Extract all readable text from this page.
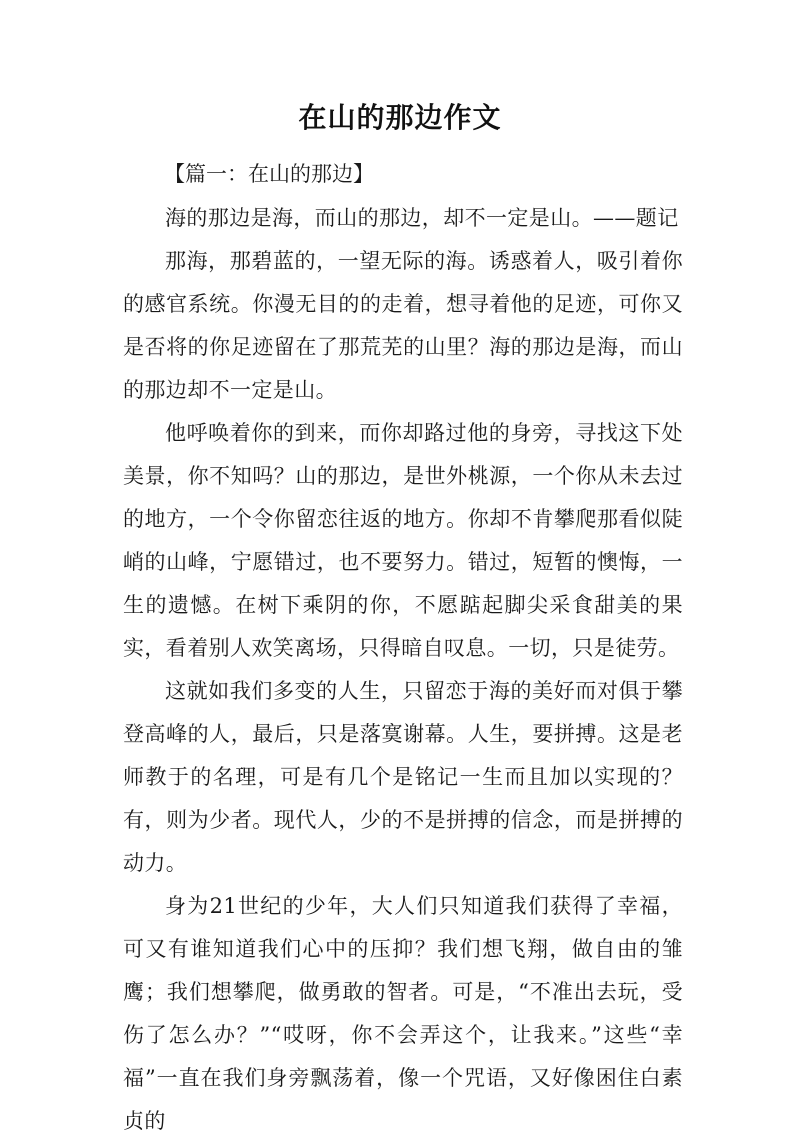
在山的那边作文
【篇一：在山的那边】

海的那边是海，而山的那边，却不一定是山。——题记

那海，那碧蓝的，一望无际的海。诱惑着人，吸引着你的感官系统。你漫无目的的走着，想寻着他的足迹，可你又是否将的你足迹留在了那荒芜的山里？海的那边是海，而山的那边却不一定是山。

他呼唤着你的到来，而你却路过他的身旁，寻找这下处美景，你不知吗？山的那边，是世外桃源，一个你从未去过的地方，一个令你留恋往返的地方。你却不肯攀爬那看似陡峭的山峰，宁愿错过，也不要努力。错过，短暂的懊悔，一生的遗憾。在树下乘阴的你，不愿踮起脚尖采食甜美的果实，看着别人欢笑离场，只得暗自叹息。一切，只是徒劳。

这就如我们多变的人生，只留恋于海的美好而对俱于攀登高峰的人，最后，只是落寞谢幕。人生，要拼搏。这是老师教于的名理，可是有几个是铭记一生而且加以实现的？有，则为少者。现代人，少的不是拼搏的信念，而是拼搏的动力。

身为21世纪的少年，大人们只知道我们获得了幸福，可又有谁知道我们心中的压抑？我们想飞翔，做自由的雏鹰；我们想攀爬，做勇敢的智者。可是，“不准出去玩，受伤了怎么办？”“哎呀，你不会弄这个，让我来。”这些“幸福”一直在我们身旁飘荡着，像一个咒语，又好像困住白素贞的
